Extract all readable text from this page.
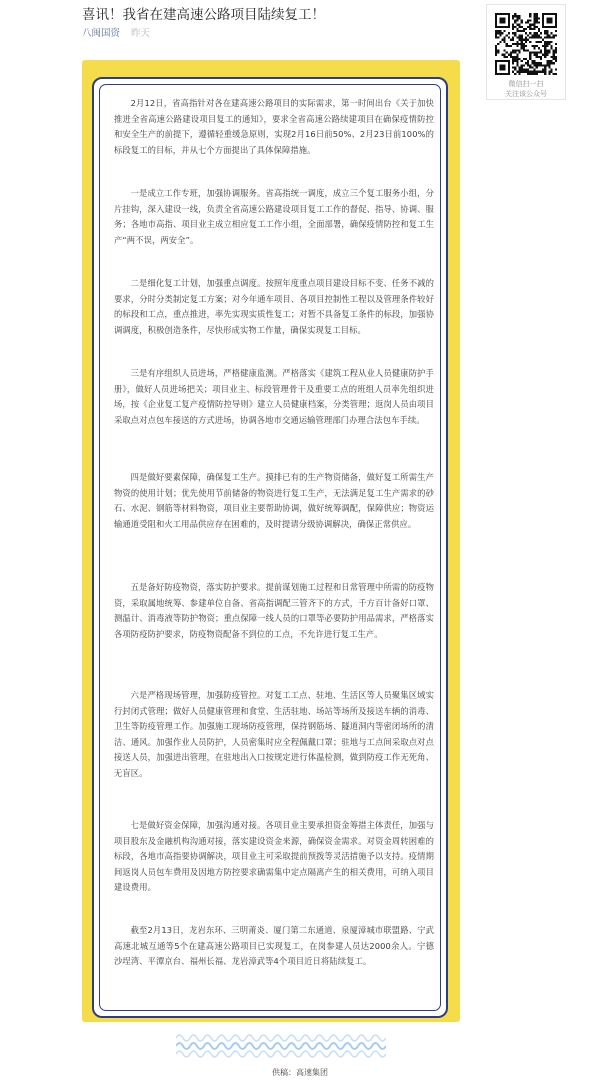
喜讯！我省在建高速公路项目陆续复工！
八闽国资 昨天
微信扫一扫
关注该公众号

2月12日，省高指针对各在建高速公路项目的实际需求，第一时间出台《关于加快推进全省高速公路建设项目复工的通知》，要求全省高速公路续建项目在确保疫情防控和安全生产的前提下，遵循轻重缓急原则，实现2月16日前50%、2月23日前100%的标段复工的目标，并从七个方面提出了具体保障措施。

一是成立工作专班，加强协调服务。省高指统一调度，成立三个复工服务小组，分片挂钩，深入建设一线，负责全省高速公路建设项目复工工作的督促、指导、协调、服务；各地市高指、项目业主成立相应复工工作小组，全面部署，确保疫情防控和复工生产“两不误，两安全”。

二是细化复工计划，加强重点调度。按照年度重点项目建设目标不变、任务不减的要求，分时分类制定复工方案；对今年通车项目、各项目控制性工程以及管理条件较好的标段和工点，重点推进，率先实现实质性复工；对暂不具备复工条件的标段，加强协调调度，积极创造条件，尽快形成实物工作量，确保实现复工目标。

三是有序组织人员进场，严格健康监测。严格落实《建筑工程从业人员健康防护手册》，做好人员进场把关；项目业主、标段管理骨干及重要工点的班组人员率先组织进场，按《企业复工复产疫情防控导则》建立人员健康档案，分类管理；返岗人员由项目采取点对点包车接送的方式进场，协调各地市交通运输管理部门办理合法包车手续。

四是做好要素保障，确保复工生产。摸排已有的生产物资储备，做好复工所需生产物资的使用计划；优先使用节前储备的物资进行复工生产，无法满足复工生产需求的砂石、水泥、钢筋等材料物资，项目业主要帮助协调，做好统筹调配，保障供应；物资运输通道受阻和火工用品供应存在困难的，及时提请分级协调解决，确保正常供应。

五是备好防疫物资，落实防护要求。提前谋划施工过程和日常管理中所需的防疫物资，采取属地统筹、参建单位自备、省高指调配三管齐下的方式，千方百计备好口罩、测温计、消毒液等防护物资；重点保障一线人员的口罩等必要防护用品需求，严格落实各项防疫防护要求，防疫物资配备不到位的工点，不允许进行复工生产。

六是严格现场管理，加强防疫管控。对复工工点、驻地、生活区等人员聚集区域实行封闭式管理；做好人员健康管理和食堂、生活驻地、场站等场所及接送车辆的消毒、卫生等防疫管理工作。加强施工现场防疫管理，保持钢筋场、隧道洞内等密闭场所的清洁、通风。加强作业人员防护，人员密集时应全程佩戴口罩；驻地与工点间采取点对点接送人员，加强进出管理，在驻地出入口按规定进行体温检测，做到防疫工作无死角、无盲区。

七是做好资金保障，加强沟通对接。各项目业主要承担资金筹措主体责任，加强与项目股东及金融机构沟通对接，落实建设资金来源，确保资金需求。对资金周转困难的标段，各地市高指要协调解决，项目业主可采取提前预拨等灵活措施予以支持。疫情期间返岗人员包车费用及因地方防控要求确需集中定点隔离产生的相关费用，可纳入项目建设费用。

截至2月13日，龙岩东环、三明莆炎、厦门第二东通道、泉厦漳城市联盟路、宁武高速北城互通等5个在建高速公路项目已实现复工，在岗参建人员达2000余人。宁德沙埕湾、平潭京台、福州长福、龙岩漳武等4个项目近日将陆续复工。

供稿：高速集团
